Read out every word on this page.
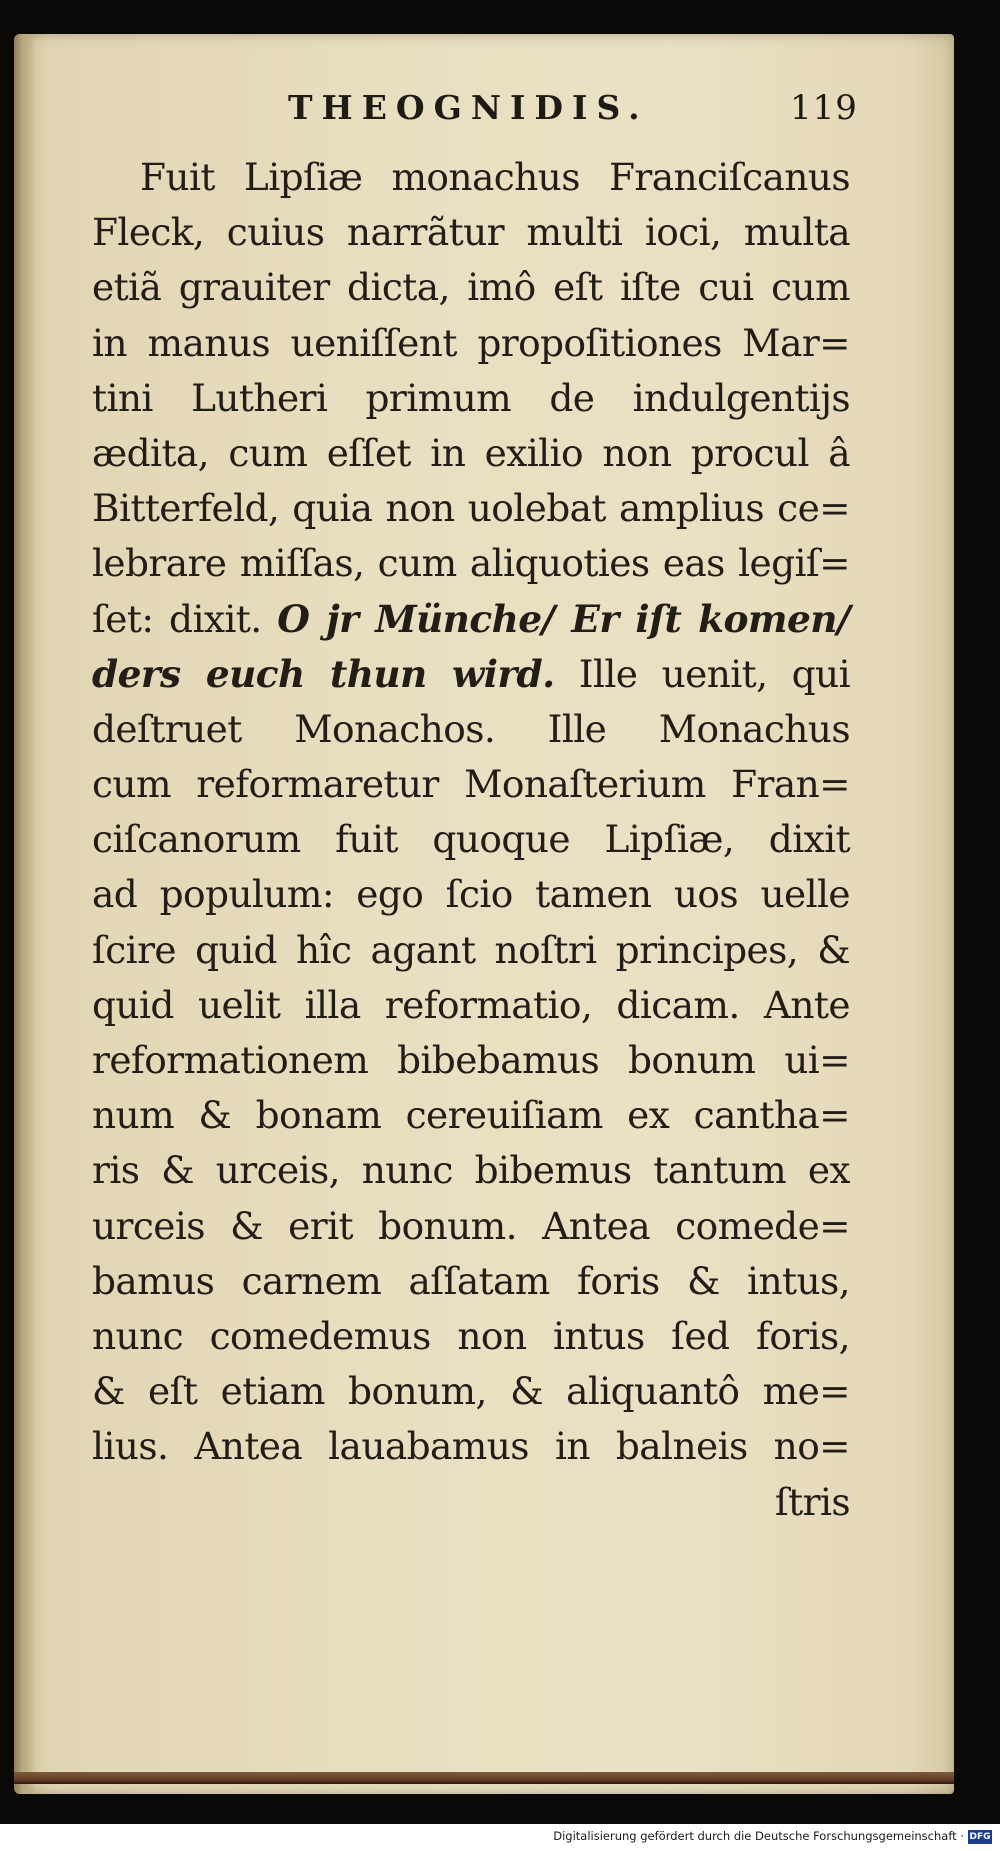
THEOGNIDIS.	119
Fuit Lipſiæ monachus Franciſcanus
Fleck, cuius narrãtur multi ioci, multa
etiã grauiter dicta, imô eſt iſte cui cum
in manus ueniſſent propoſitiones Mar=
tini Lutheri primum de indulgentijs
ædita, cum eſſet in exilio non procul â
Bitterfeld, quia non uolebat amplius ce=
lebrare miſſas, cum aliquoties eas legiſ=
ſet: dixit. O jr Münche/ Er iſt komen/
ders euch thun wird. Ille uenit, qui
deſtruet Monachos. Ille Monachus
cum reformaretur Monaſterium Fran=
ciſcanorum fuit quoque Lipſiæ, dixit
ad populum: ego ſcio tamen uos uelle
ſcire quid hîc agant noſtri principes, &
quid uelit illa reformatio, dicam. Ante
reformationem bibebamus bonum ui=
num & bonam cereuiſiam ex cantha=
ris & urceis, nunc bibemus tantum ex
urceis & erit bonum. Antea comede=
bamus carnem aſſatam foris & intus,
nunc comedemus non intus ſed foris,
& eſt etiam bonum, & aliquantô me=
lius. Antea lauabamus in balneis no=
ſtris
Digitalisierung gefördert durch die Deutsche Forschungsgemeinschaft · DFG
